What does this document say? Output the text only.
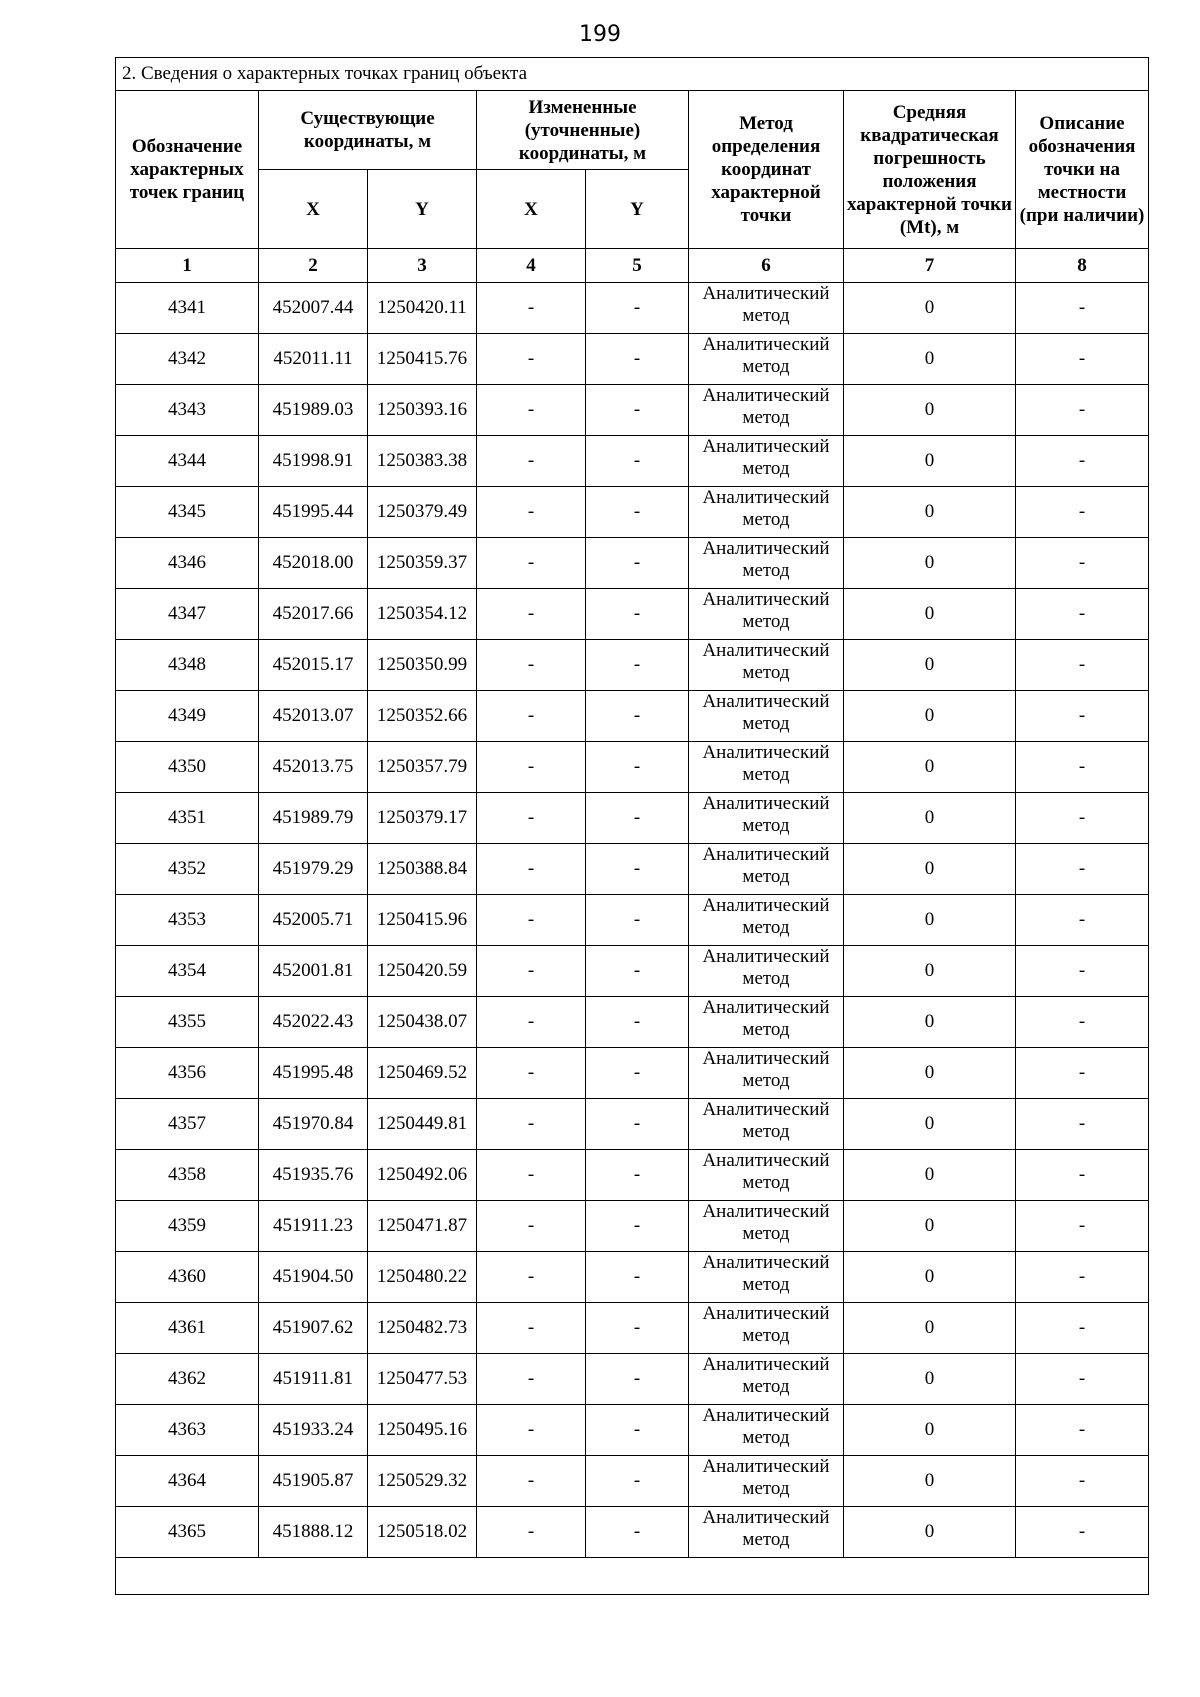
199
2. Сведения о характерных точках границ объекта							
Обозначение характерных точек границ	Существующие координаты, м		Измененные (уточненные) координаты, м		Метод определения координат характерной точки	Средняя квадратическая погрешность положения характерной точки (Mt), м	Описание обозначения точки на местности (при наличии)
	X	Y	X	Y			
1	2	3	4	5	6	7	8
4341	452007.44	1250420.11	-	-	Аналитический метод	0	-
4342	452011.11	1250415.76	-	-	Аналитический метод	0	-
4343	451989.03	1250393.16	-	-	Аналитический метод	0	-
4344	451998.91	1250383.38	-	-	Аналитический метод	0	-
4345	451995.44	1250379.49	-	-	Аналитический метод	0	-
4346	452018.00	1250359.37	-	-	Аналитический метод	0	-
4347	452017.66	1250354.12	-	-	Аналитический метод	0	-
4348	452015.17	1250350.99	-	-	Аналитический метод	0	-
4349	452013.07	1250352.66	-	-	Аналитический метод	0	-
4350	452013.75	1250357.79	-	-	Аналитический метод	0	-
4351	451989.79	1250379.17	-	-	Аналитический метод	0	-
4352	451979.29	1250388.84	-	-	Аналитический метод	0	-
4353	452005.71	1250415.96	-	-	Аналитический метод	0	-
4354	452001.81	1250420.59	-	-	Аналитический метод	0	-
4355	452022.43	1250438.07	-	-	Аналитический метод	0	-
4356	451995.48	1250469.52	-	-	Аналитический метод	0	-
4357	451970.84	1250449.81	-	-	Аналитический метод	0	-
4358	451935.76	1250492.06	-	-	Аналитический метод	0	-
4359	451911.23	1250471.87	-	-	Аналитический метод	0	-
4360	451904.50	1250480.22	-	-	Аналитический метод	0	-
4361	451907.62	1250482.73	-	-	Аналитический метод	0	-
4362	451911.81	1250477.53	-	-	Аналитический метод	0	-
4363	451933.24	1250495.16	-	-	Аналитический метод	0	-
4364	451905.87	1250529.32	-	-	Аналитический метод	0	-
4365	451888.12	1250518.02	-	-	Аналитический метод	0	-
